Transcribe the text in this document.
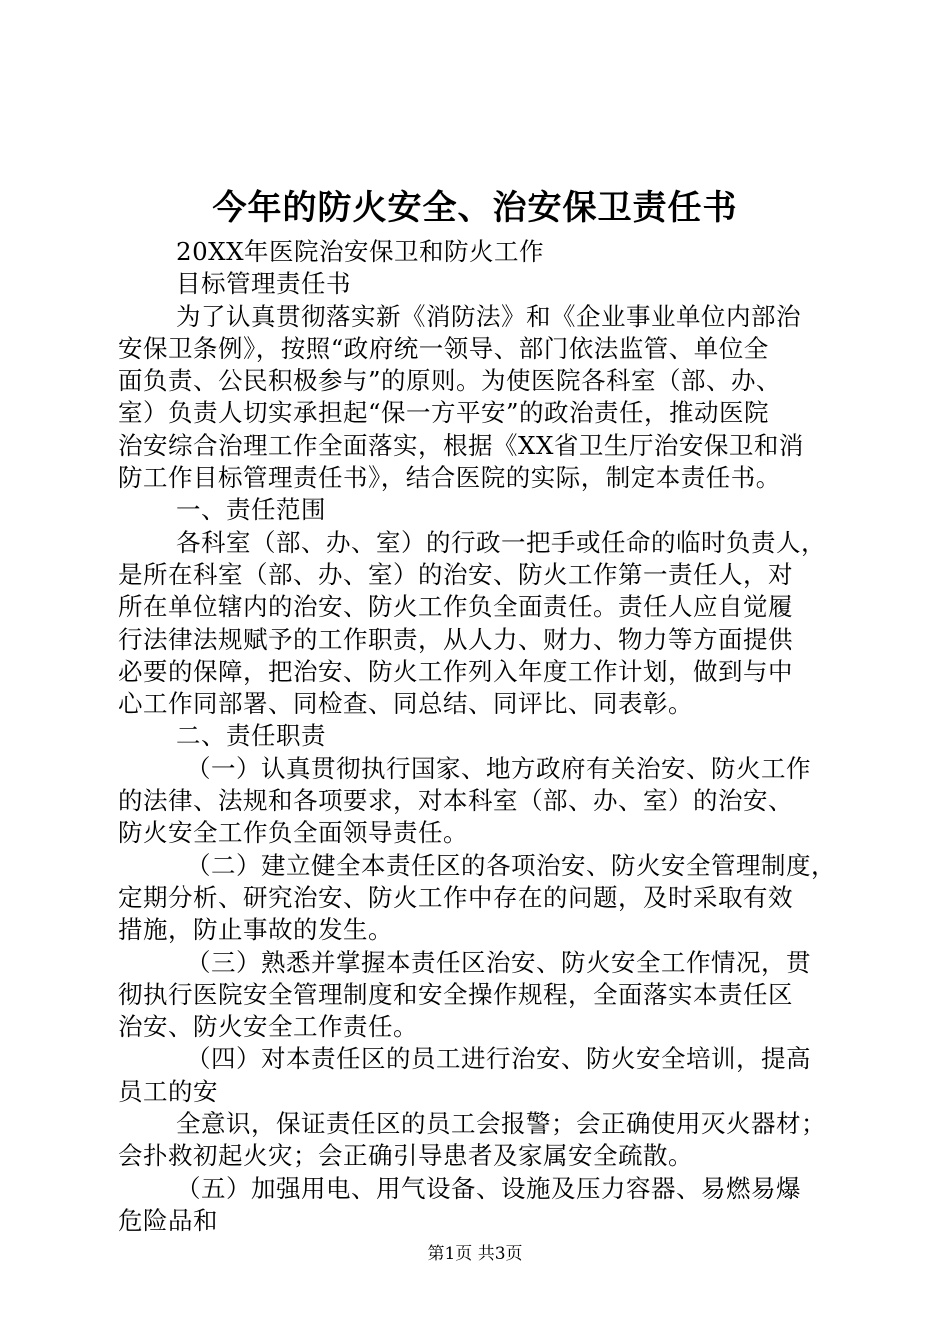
今年的防火安全、治安保卫责任书
20XX年医院治安保卫和防火工作
目标管理责任书
为了认真贯彻落实新《消防法》和《企业事业单位内部治
安保卫条例》，按照“政府统一领导、部门依法监管、单位全
面负责、公民积极参与”的原则。为使医院各科室（部、办、
室）负责人切实承担起“保一方平安”的政治责任，推动医院
治安综合治理工作全面落实，根据《XX省卫生厅治安保卫和消
防工作目标管理责任书》，结合医院的实际，制定本责任书。
一、责任范围
各科室（部、办、室）的行政一把手或任命的临时负责人，
是所在科室（部、办、室）的治安、防火工作第一责任人，对
所在单位辖内的治安、防火工作负全面责任。责任人应自觉履
行法律法规赋予的工作职责，从人力、财力、物力等方面提供
必要的保障，把治安、防火工作列入年度工作计划，做到与中
心工作同部署、同检查、同总结、同评比、同表彰。
二、责任职责
（一）认真贯彻执行国家、地方政府有关治安、防火工作
的法律、法规和各项要求，对本科室（部、办、室）的治安、
防火安全工作负全面领导责任。
（二）建立健全本责任区的各项治安、防火安全管理制度，
定期分析、研究治安、防火工作中存在的问题，及时采取有效
措施，防止事故的发生。
（三）熟悉并掌握本责任区治安、防火安全工作情况，贯
彻执行医院安全管理制度和安全操作规程，全面落实本责任区
治安、防火安全工作责任。
（四）对本责任区的员工进行治安、防火安全培训，提高
员工的安
全意识，保证责任区的员工会报警；会正确使用灭火器材；
会扑救初起火灾；会正确引导患者及家属安全疏散。
（五）加强用电、用气设备、设施及压力容器、易燃易爆
危险品和
第1页 共3页
